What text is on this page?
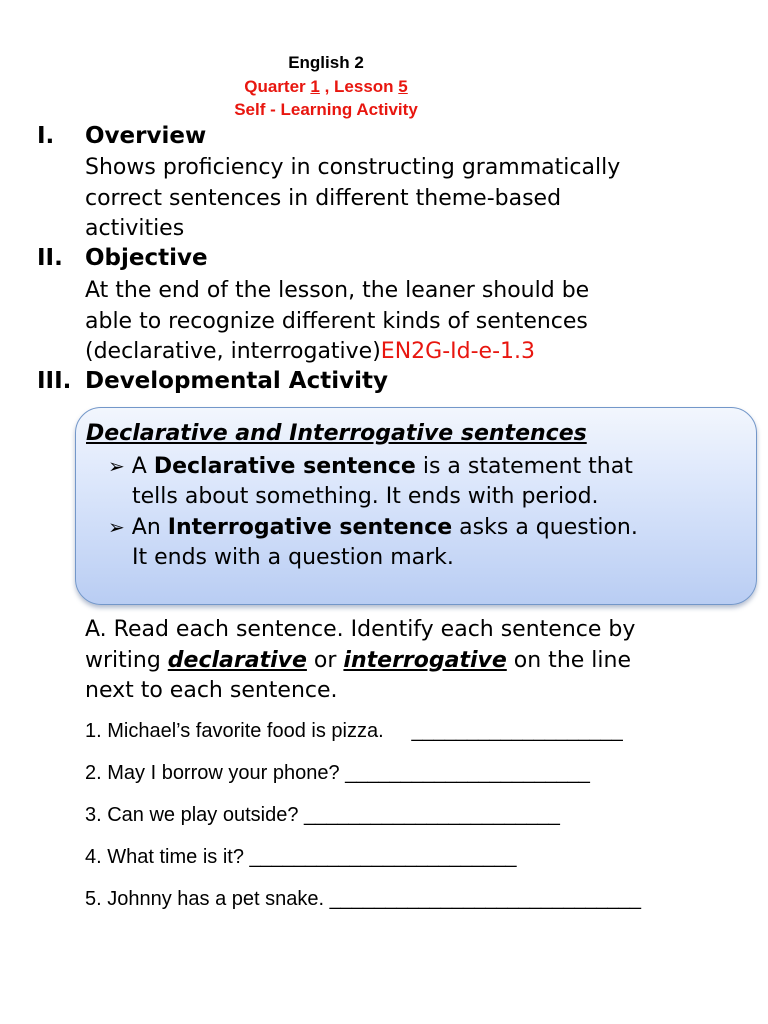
English 2
Quarter 1 , Lesson 5
Self - Learning Activity
I. Overview
Shows proficiency in constructing grammatically
correct sentences in different theme-based
activities
II. Objective
At the end of the lesson, the leaner should be
able to recognize different kinds of sentences
(declarative, interrogative)EN2G-Id-e-1.3
III. Developmental Activity
Declarative and Interrogative sentences
➢ A Declarative sentence is a statement that
tells about something. It ends with period.
➢ An Interrogative sentence asks a question.
It ends with a question mark.
A. Read each sentence. Identify each sentence by
writing declarative or interrogative on the line
next to each sentence.
1. Michael’s favorite food is pizza.     ___________________
2. May I borrow your phone? ______________________
3. Can we play outside? _______________________
4. What time is it? ________________________
5. Johnny has a pet snake. ____________________________
